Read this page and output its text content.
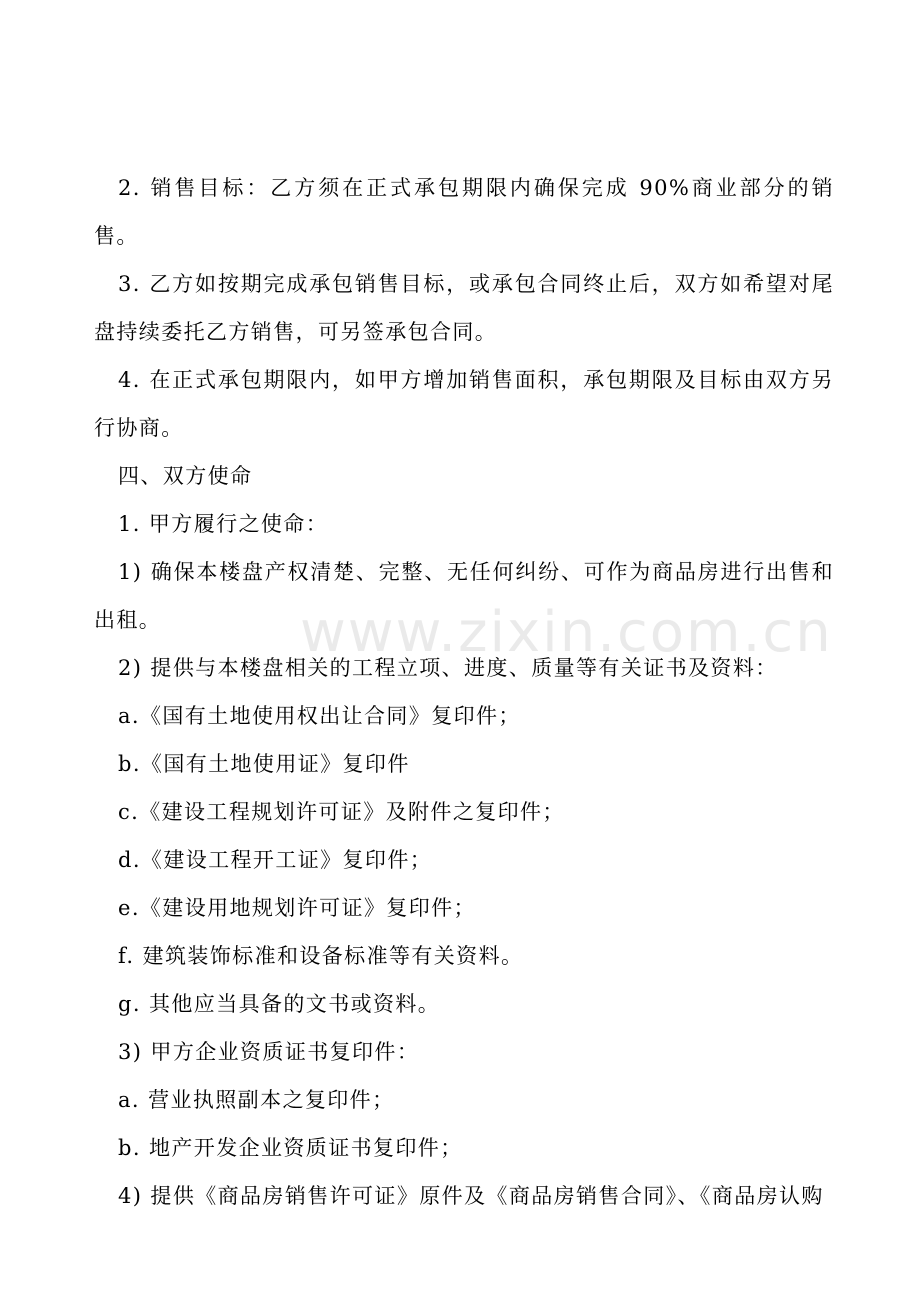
2. 销售目标：乙方须在正式承包期限内确保完成 90%商业部分的销售。

3. 乙方如按期完成承包销售目标，或承包合同终止后，双方如希望对尾盘持续委托乙方销售，可另签承包合同。

4. 在正式承包期限内，如甲方增加销售面积，承包期限及目标由双方另行协商。

四、双方使命

1. 甲方履行之使命：

1) 确保本楼盘产权清楚、完整、无任何纠纷、可作为商品房进行出售和出租。

2) 提供与本楼盘相关的工程立项、进度、质量等有关证书及资料：

a.《国有土地使用权出让合同》复印件；

b.《国有土地使用证》复印件

c.《建设工程规划许可证》及附件之复印件；

d.《建设工程开工证》复印件；

e.《建设用地规划许可证》复印件；

f. 建筑装饰标准和设备标准等有关资料。

g. 其他应当具备的文书或资料。

3) 甲方企业资质证书复印件：

a. 营业执照副本之复印件；

b. 地产开发企业资质证书复印件；

4) 提供《商品房销售许可证》原件及《商品房销售合同》、《商品房认购

www.zixin.com.cn
